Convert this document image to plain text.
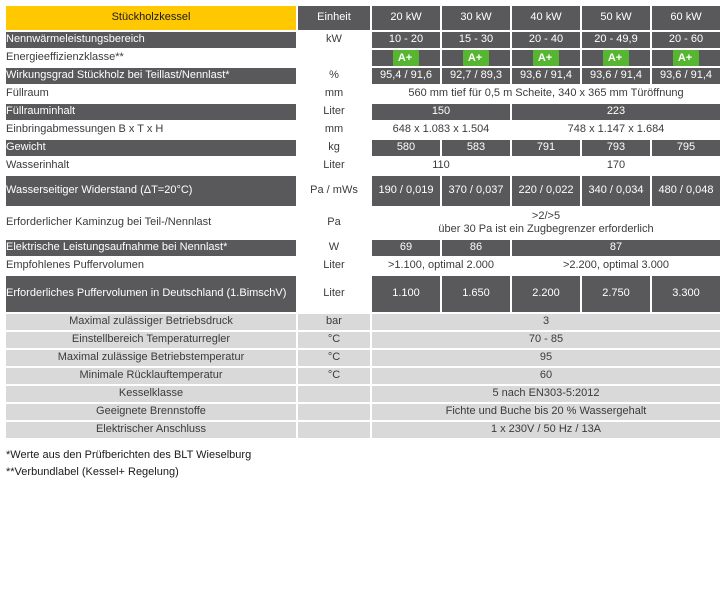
Stückholzkessel	Einheit	20 kW	30 kW	40 kW	50 kW	60 kW
Nennwärmeleistungsbereich	kW	10 - 20	15 - 30	20 - 40	20 - 49,9	20 - 60
Energieeffizienzklasse**		A+	A+	A+	A+	A+
Wirkungsgrad Stückholz bei Teillast/Nennlast*	%	95,4 / 91,6	92,7 / 89,3	93,6 / 91,4	93,6 / 91,4	93,6 / 91,4
Füllraum	mm	560 mm tief für 0,5 m Scheite, 340 x 365 mm Türöffnung				
Füllrauminhalt	Liter	150		223		
Einbringabmessungen B x T x H	mm	648 x 1.083 x 1.504		748 x 1.147 x 1.684		
Gewicht	kg	580	583	791	793	795
Wasserinhalt	Liter	110		170		
Wasserseitiger Widerstand (ΔT=20°C)	Pa / mWs	190 / 0,019	370 / 0,037	220 / 0,022	340 / 0,034	480 / 0,048
Erforderlicher Kaminzug bei Teil-/Nennlast	Pa	>2/>5
über 30 Pa ist ein Zugbegrenzer erforderlich				

Elektrische Leistungsaufnahme bei Nennlast*	W	69	86	87		
Empfohlenes Puffervolumen	Liter	>1.100, optimal 2.000		>2.200, optimal 3.000		
Erforderliches Puffervolumen in Deutschland (1.BimschV)	Liter	1.100	1.650	2.200	2.750	3.300
Maximal zulässiger Betriebsdruck	bar	3				
Einstellbereich Temperaturregler	°C	70 - 85				
Maximal zulässige Betriebstemperatur	°C	95				
Minimale Rücklauftemperatur	°C	60				
Kesselklasse		5 nach EN303-5:2012				
Geeignete Brennstoffe		Fichte und Buche bis 20 % Wassergehalt				
Elektrischer Anschluss		1 x 230V / 50 Hz / 13A				

*Werte aus den Prüfberichten des BLT Wieselburg

**Verbundlabel (Kessel+ Regelung)
